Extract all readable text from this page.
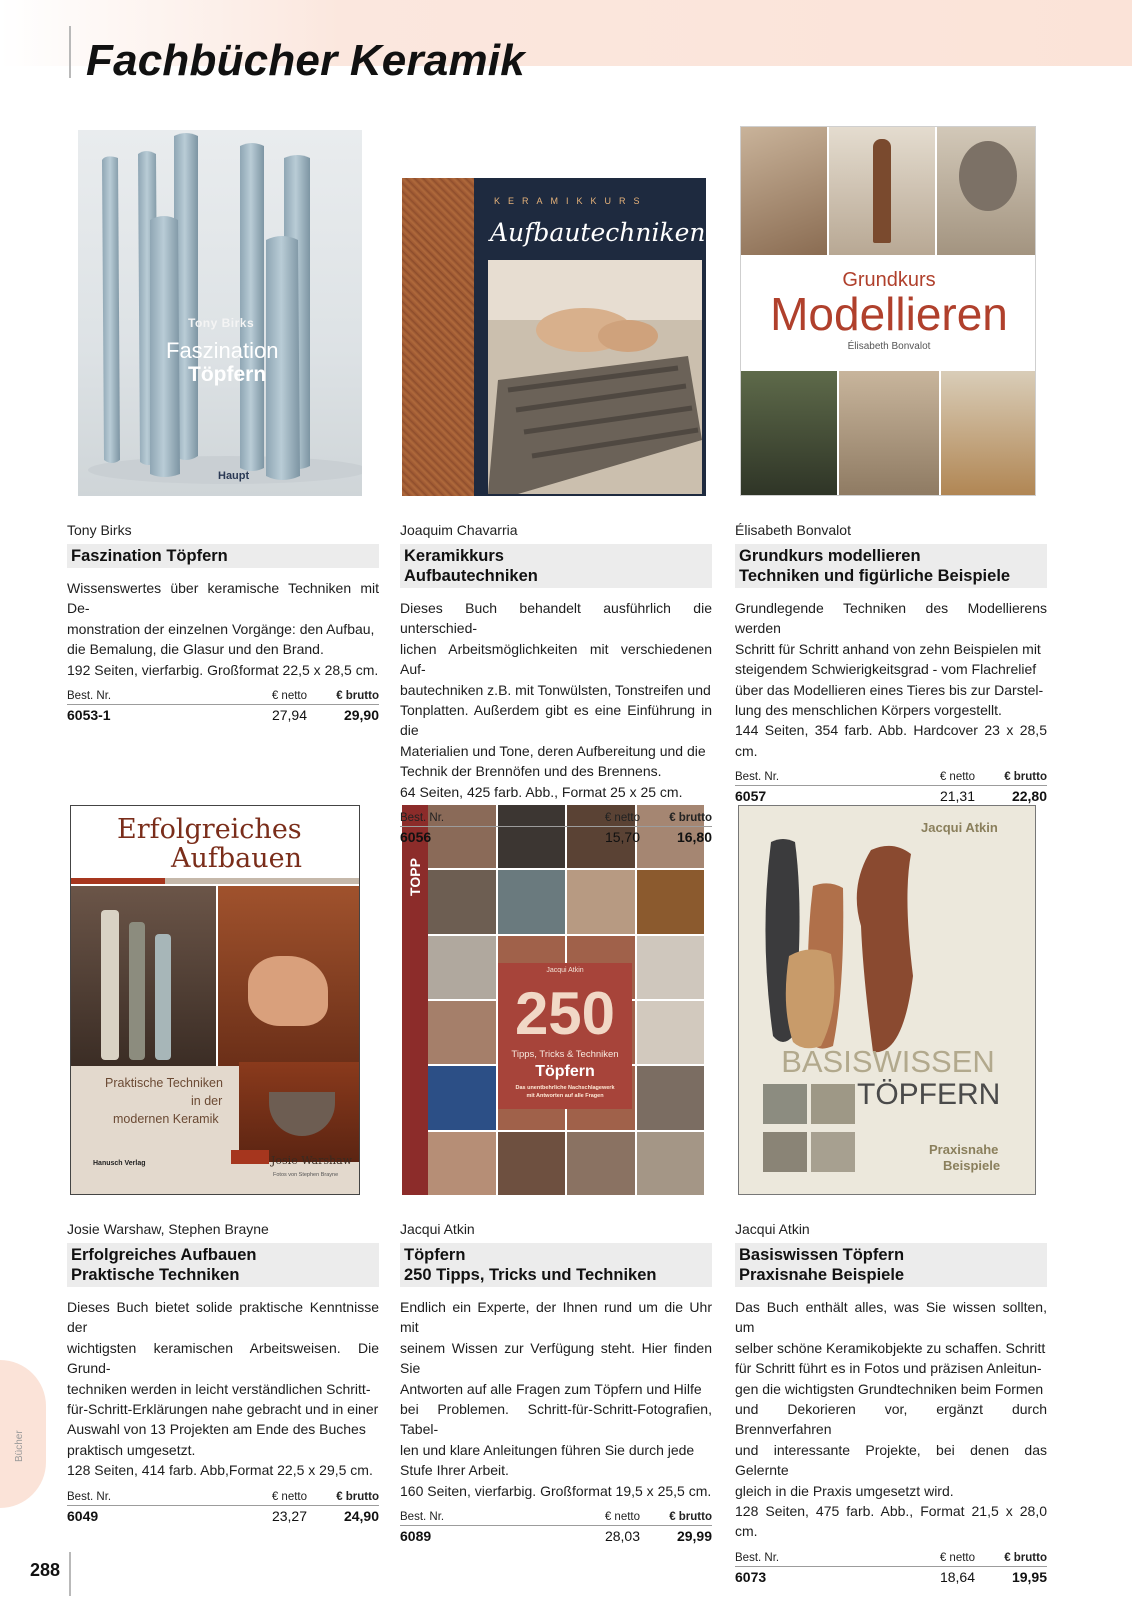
Fachbücher Keramik
Tony Birks
Faszination
Töpfern
Haupt
KERAMIKKURS
Aufbautechniken
Grundkurs
Modellieren
Élisabeth Bonvalot
Erfolgreiches
Aufbauen
Praktische Techniken
in der
modernen Keramik
Hanusch Verlag	Josie Warshaw
Fotos von Stephen Brayne
TOPP
Jacqui Atkin
250
Tipps, Tricks & Techniken
Töpfern
Das unentbehrliche Nachschlagewerk
mit Antworten auf alle Fragen
Jacqui Atkin
BASISWISSEN
TÖPFERN
Praxisnahe
Beispiele
Tony Birks
Faszination Töpfern
Wissenswertes über keramische Techniken mit De-
monstration der einzelnen Vorgänge: den Aufbau,
die Bemalung, die Glasur und den Brand.
192 Seiten, vierfarbig. Großformat 22,5 x 28,5 cm.
Best. Nr.	€ netto	€ brutto
6053-1	27,94	29,90
Joaquim Chavarria
Keramikkurs
Aufbautechniken
Dieses Buch behandelt ausführlich die unterschied-
lichen Arbeitsmöglichkeiten mit verschiedenen Auf-
bautechniken z.B. mit Tonwülsten, Tonstreifen und
Tonplatten. Außerdem gibt es eine Einführung in die
Materialien und Tone, deren Aufbereitung und die
Technik der Brennöfen und des Brennens.
64 Seiten, 425 farb. Abb., Format 25 x 25 cm.
Best. Nr.	€ netto	€ brutto
6056	15,70	16,80
Élisabeth Bonvalot
Grundkurs modellieren
Techniken und figürliche Beispiele
Grundlegende Techniken des Modellierens werden
Schritt für Schritt anhand von zehn Beispielen mit
steigendem Schwierigkeitsgrad - vom Flachrelief
über das Modellieren eines Tieres bis zur Darstel-
lung des menschlichen Körpers vorgestellt.
144 Seiten, 354 farb. Abb. Hardcover 23 x 28,5 cm.
Best. Nr.	€ netto	€ brutto
6057	21,31	22,80
Josie Warshaw, Stephen Brayne
Erfolgreiches Aufbauen
Praktische Techniken
Dieses Buch bietet solide praktische Kenntnisse der
wichtigsten keramischen Arbeitsweisen. Die Grund-
techniken werden in leicht verständlichen Schritt-
für-Schritt-Erklärungen nahe gebracht und in einer
Auswahl von 13 Projekten am Ende des Buches
praktisch umgesetzt.
128 Seiten, 414 farb. Abb,Format 22,5 x 29,5 cm.
Best. Nr.	€ netto	€ brutto
6049	23,27	24,90
Jacqui Atkin
Töpfern
250 Tipps, Tricks und Techniken
Endlich ein Experte, der Ihnen rund um die Uhr mit
seinem Wissen zur Verfügung steht. Hier finden Sie
Antworten auf alle Fragen zum Töpfern und Hilfe
bei Problemen. Schritt-für-Schritt-Fotografien, Tabel-
len und klare Anleitungen führen Sie durch jede
Stufe Ihrer Arbeit.
160 Seiten, vierfarbig. Großformat 19,5 x 25,5 cm.
Best. Nr.	€ netto	€ brutto
6089	28,03	29,99
Jacqui Atkin
Basiswissen Töpfern
Praxisnahe Beispiele
Das Buch enthält alles, was Sie wissen sollten, um
selber schöne Keramikobjekte zu schaffen. Schritt
für Schritt führt es in Fotos und präzisen Anleitun-
gen die wichtigsten Grundtechniken beim Formen
und Dekorieren vor, ergänzt durch Brennverfahren
und interessante Projekte, bei denen das Gelernte
gleich in die Praxis umgesetzt wird.
128 Seiten, 475 farb. Abb., Format 21,5 x 28,0 cm.
Best. Nr.	€ netto	€ brutto
6073	18,64	19,95
Bücher
288
